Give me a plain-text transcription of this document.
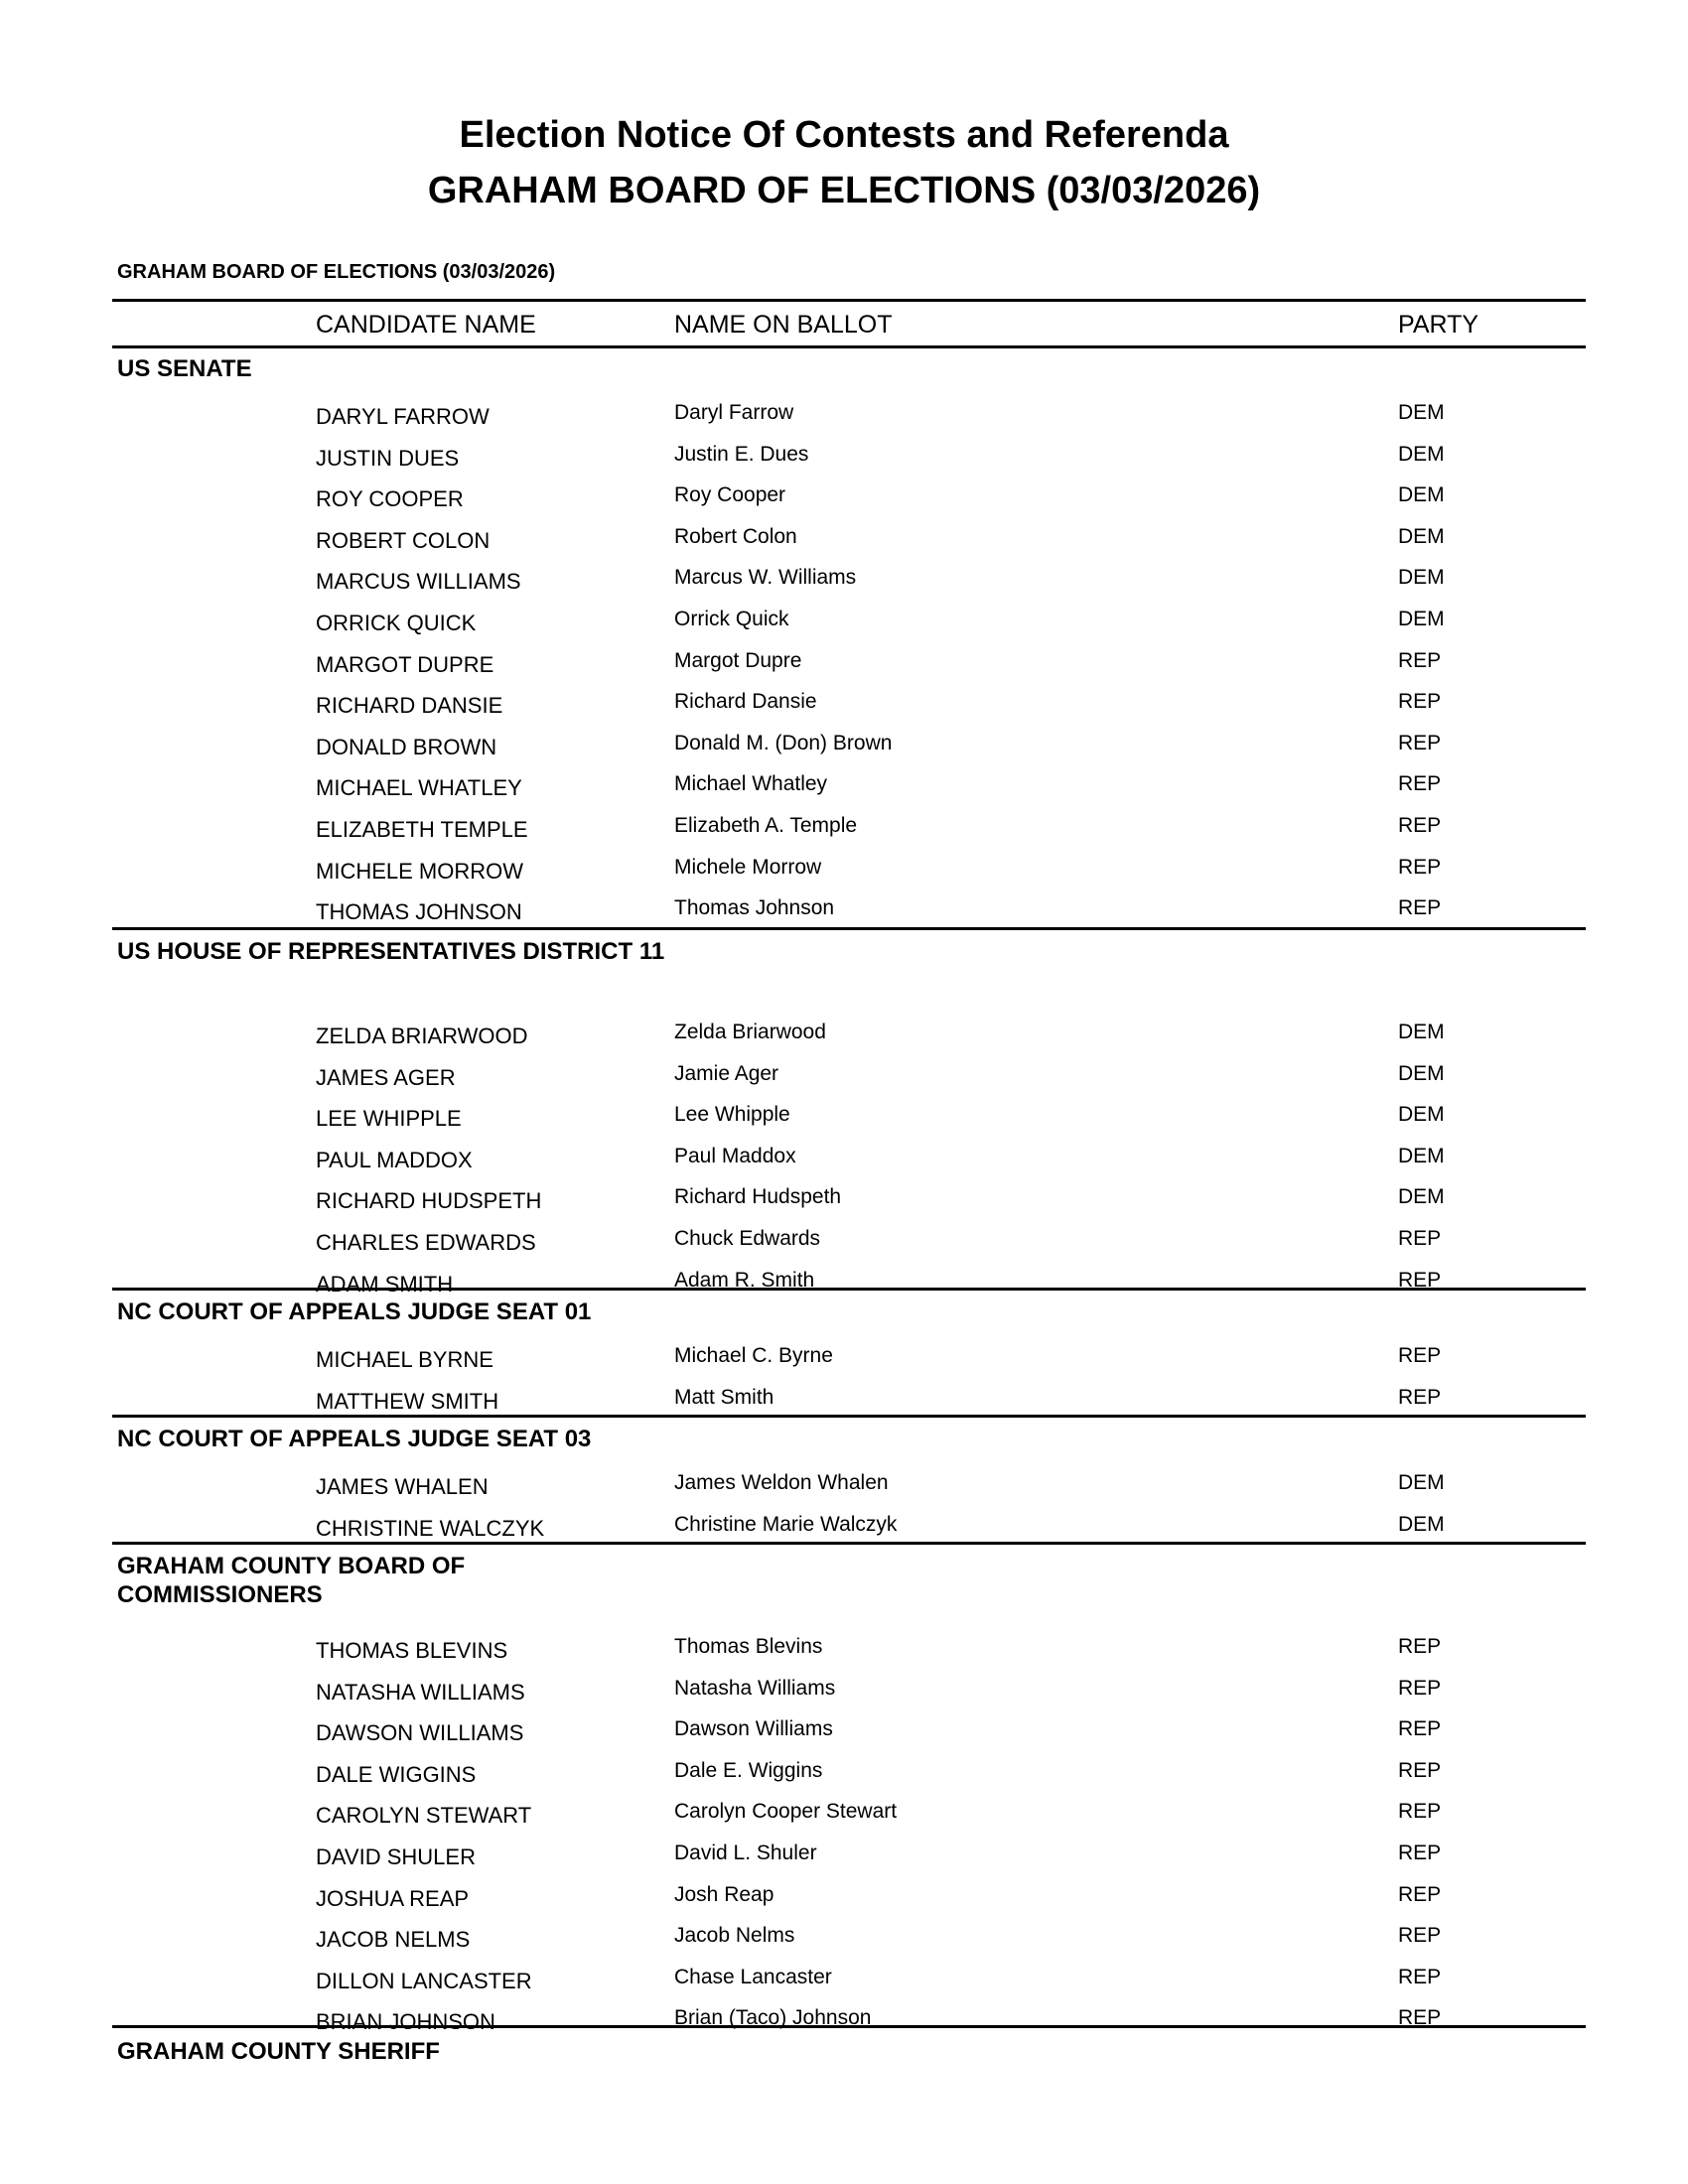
Election Notice Of Contests and Referenda
GRAHAM BOARD OF ELECTIONS (03/03/2026)
GRAHAM BOARD OF ELECTIONS (03/03/2026)
CANDIDATE NAME	NAME ON BALLOT	PARTY
US SENATE
DARYL FARROW	Daryl Farrow	DEM
JUSTIN DUES	Justin E. Dues	DEM
ROY COOPER	Roy Cooper	DEM
ROBERT COLON	Robert Colon	DEM
MARCUS WILLIAMS	Marcus W. Williams	DEM
ORRICK QUICK	Orrick Quick	DEM
MARGOT DUPRE	Margot Dupre	REP
RICHARD DANSIE	Richard Dansie	REP
DONALD BROWN	Donald M. (Don) Brown	REP
MICHAEL WHATLEY	Michael Whatley	REP
ELIZABETH TEMPLE	Elizabeth A. Temple	REP
MICHELE MORROW	Michele Morrow	REP
THOMAS JOHNSON	Thomas Johnson	REP
US HOUSE OF REPRESENTATIVES DISTRICT 11
ZELDA BRIARWOOD	Zelda Briarwood	DEM
JAMES AGER	Jamie Ager	DEM
LEE WHIPPLE	Lee Whipple	DEM
PAUL MADDOX	Paul Maddox	DEM
RICHARD HUDSPETH	Richard Hudspeth	DEM
CHARLES EDWARDS	Chuck Edwards	REP
ADAM SMITH	Adam R. Smith	REP
NC COURT OF APPEALS JUDGE SEAT 01
MICHAEL BYRNE	Michael C. Byrne	REP
MATTHEW SMITH	Matt Smith	REP
NC COURT OF APPEALS JUDGE SEAT 03
JAMES WHALEN	James Weldon Whalen	DEM
CHRISTINE WALCZYK	Christine Marie Walczyk	DEM
GRAHAM COUNTY BOARD OF COMMISSIONERS
THOMAS BLEVINS	Thomas Blevins	REP
NATASHA WILLIAMS	Natasha Williams	REP
DAWSON WILLIAMS	Dawson Williams	REP
DALE WIGGINS	Dale E. Wiggins	REP
CAROLYN STEWART	Carolyn Cooper Stewart	REP
DAVID SHULER	David L. Shuler	REP
JOSHUA REAP	Josh Reap	REP
JACOB NELMS	Jacob Nelms	REP
DILLON LANCASTER	Chase Lancaster	REP
BRIAN JOHNSON	Brian (Taco) Johnson	REP
GRAHAM COUNTY SHERIFF
